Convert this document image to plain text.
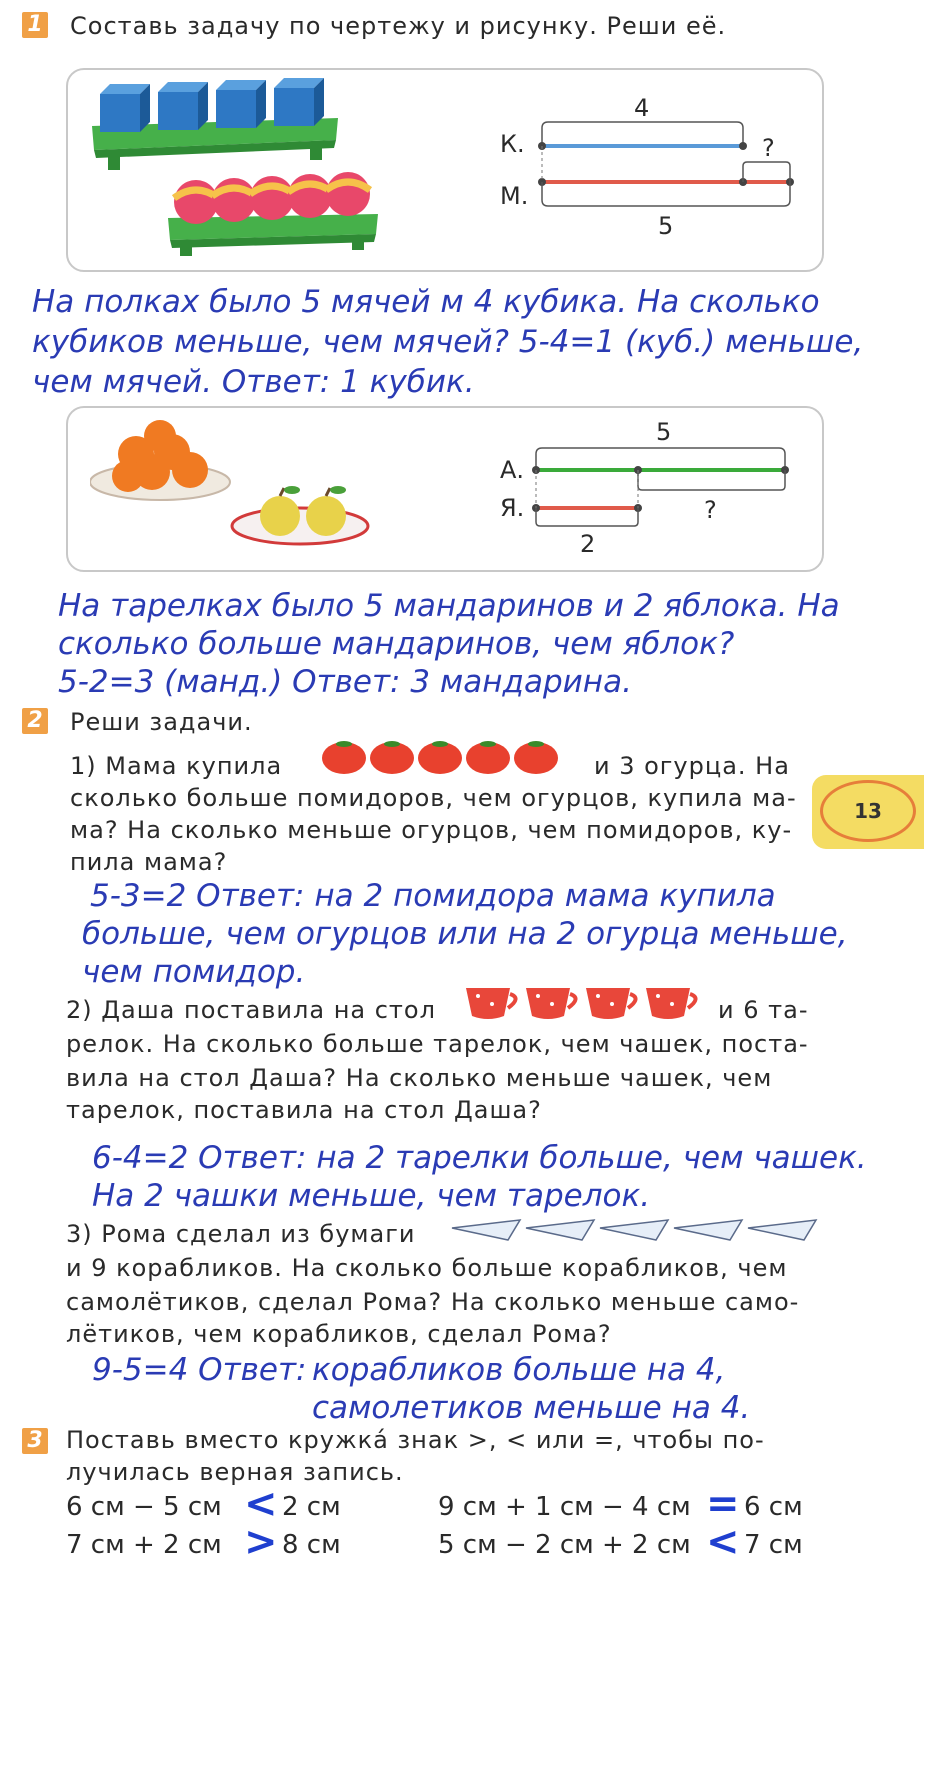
1 Составь задачу по чертежу и рисунку. Реши её.
К.
М.
4
?
5
На полках было 5 мячей м 4 кубика. На сколько
кубиков меньше, чем мячей? 5-4=1 (куб.) меньше,
чем мячей. Ответ: 1 кубик.
А.
Я.
5
?
2
На тарелках было 5 мандаринов и 2 яблока. На
сколько больше мандаринов, чем яблок?
5-2=3 (манд.) Ответ: 3 мандарина.
13
2 Реши задачи.
1) Мама купила	и 3 огурца. На
сколько больше помидоров, чем огурцов, купила ма-
ма? На сколько меньше огурцов, чем помидоров, ку-
пила мама?
5-3=2 Ответ: на 2 помидора мама купила
больше, чем огурцов или на 2 огурца меньше,
чем помидор.
2) Даша поставила на стол	и 6 та-
релок. На сколько больше тарелок, чем чашек, поста-
вила на стол Даша? На сколько меньше чашек, чем
тарелок, поставила на стол Даша?
6-4=2 Ответ: на 2 тарелки больше, чем чашек.
На 2 чашки меньше, чем тарелок.
3) Рома сделал из бумаги
и 9 корабликов. На сколько больше корабликов, чем
самолётиков, сделал Рома? На сколько меньше само-
лётиков, чем корабликов, сделал Рома?
9-5=4 Ответ: корабликов больше на 4,
самолетиков меньше на 4.
3 Поставь вместо кружка́ знак >, < или =, чтобы по-
лучилась верная запись.
6 см − 5 см < 2 см
7 см + 2 см > 8 см
9 см + 1 см − 4 см = 6 см
5 см − 2 см + 2 см < 7 см
